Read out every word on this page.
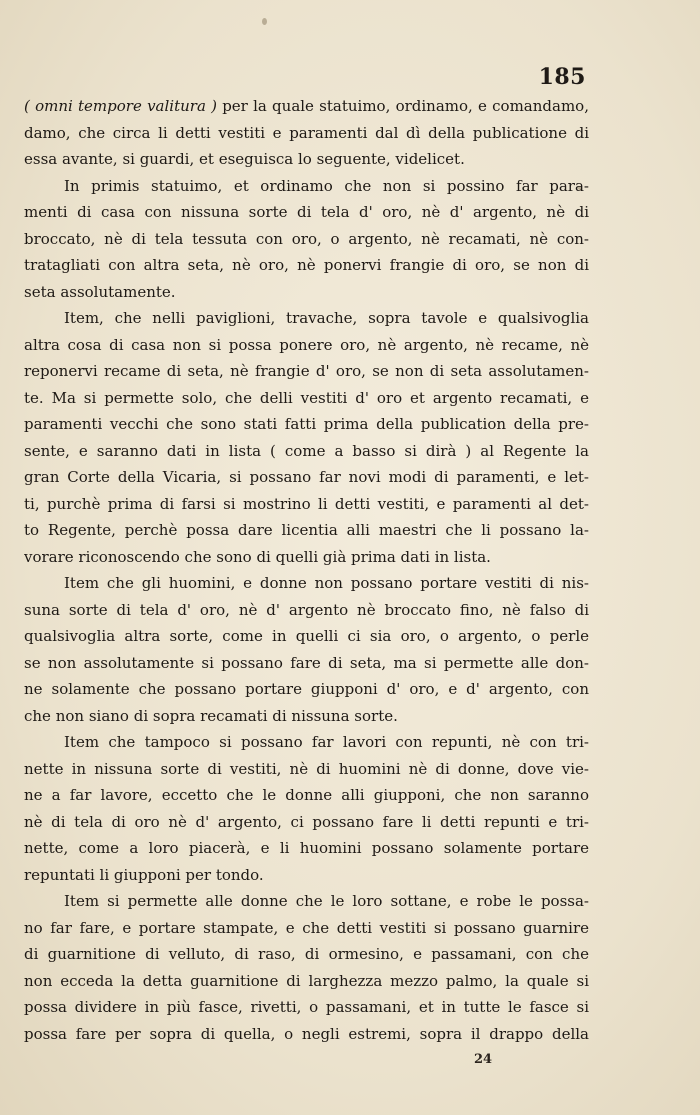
185
( omni tempore valitura ) per la quale statuimo, ordinamo, e comandamo,
damo, che circa li detti vestiti e paramenti dal dì della publicatione di
essa avante, si guardi, et eseguisca lo seguente, videlicet.
In primis statuimo, et ordinamo che non si possino far para-
menti di casa con nissuna sorte di tela d' oro, nè d' argento, nè di
broccato, nè di tela tessuta con oro, o argento, nè recamati, nè con-
tratagliati con altra seta, nè oro, nè ponervi frangie di oro, se non di
seta assolutamente.
Item, che nelli paviglioni, travache, sopra tavole e qualsivoglia
altra cosa di casa non si possa ponere oro, nè argento, nè recame, nè
reponervi recame di seta, nè frangie d' oro, se non di seta assolutamen-
te. Ma si permette solo, che delli vestiti d' oro et argento recamati, e
paramenti vecchi che sono stati fatti prima della publication della pre-
sente, e saranno dati in lista ( come a basso si dirà ) al Regente la
gran Corte della Vicaria, si possano far novi modi di paramenti, e let-
ti, purchè prima di farsi si mostrino li detti vestiti, e paramenti al det-
to Regente, perchè possa dare licentia alli maestri che li possano la-
vorare riconoscendo che sono di quelli già prima dati in lista.
Item che gli huomini, e donne non possano portare vestiti di nis-
suna sorte di tela d' oro, nè d' argento nè broccato fino, nè falso di
qualsivoglia altra sorte, come in quelli ci sia oro, o argento, o perle
se non assolutamente si possano fare di seta, ma si permette alle don-
ne solamente che possano portare giupponi d' oro, e d' argento, con
che non siano di sopra recamati di nissuna sorte.
Item che tampoco si possano far lavori con repunti, nè con tri-
nette in nissuna sorte di vestiti, nè di huomini nè di donne, dove vie-
ne a far lavore, eccetto che le donne alli giupponi, che non saranno
nè di tela di oro nè d' argento, ci possano fare li detti repunti e tri-
nette, come a loro piacerà, e li huomini possano solamente portare
repuntati li giupponi per tondo.
Item si permette alle donne che le loro sottane, e robe le possa-
no far fare, e portare stampate, e che detti vestiti si possano guarnire
di guarnitione di velluto, di raso, di ormesino, e passamani, con che
non ecceda la detta guarnitione di larghezza mezzo palmo, la quale si
possa dividere in più fasce, rivetti, o passamani, et in tutte le fasce si
possa fare per sopra di quella, o negli estremi, sopra il drappo della
24
